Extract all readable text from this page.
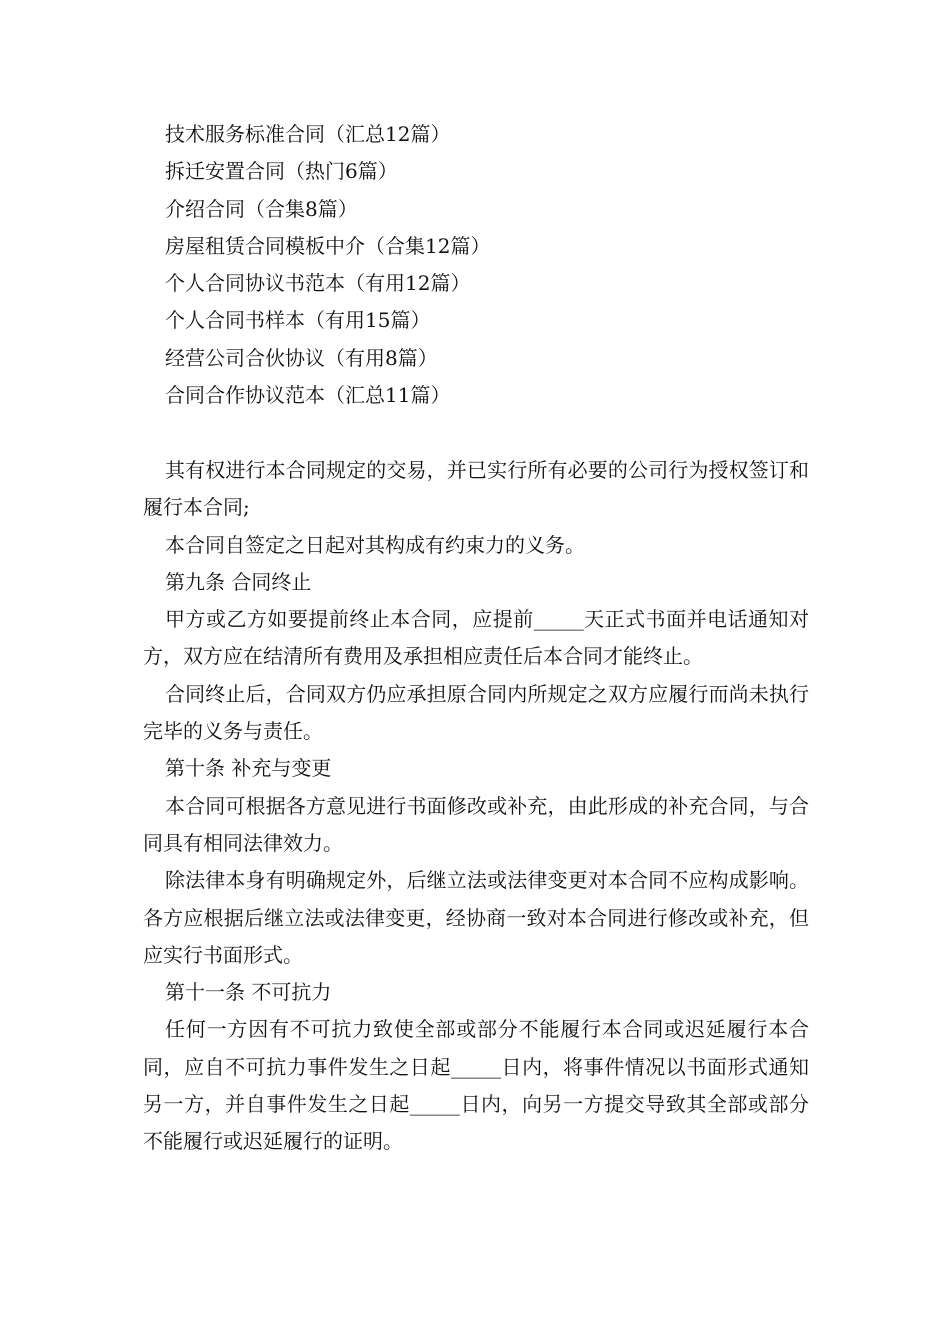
技术服务标准合同（汇总12篇）
拆迁安置合同（热门6篇）
介绍合同（合集8篇）
房屋租赁合同模板中介（合集12篇）
个人合同协议书范本（有用12篇）
个人合同书样本（有用15篇）
经营公司合伙协议（有用8篇）
合同合作协议范本（汇总11篇）

其有权进行本合同规定的交易，并已实行所有必要的公司行为授权签订和履行本合同;

本合同自签定之日起对其构成有约束力的义务。

第九条 合同终止

甲方或乙方如要提前终止本合同，应提前_____天正式书面并电话通知对方，双方应在结清所有费用及承担相应责任后本合同才能终止。

合同终止后，合同双方仍应承担原合同内所规定之双方应履行而尚未执行完毕的义务与责任。

第十条 补充与变更

本合同可根据各方意见进行书面修改或补充，由此形成的补充合同，与合同具有相同法律效力。

除法律本身有明确规定外，后继立法或法律变更对本合同不应构成影响。各方应根据后继立法或法律变更，经协商一致对本合同进行修改或补充，但应实行书面形式。

第十一条 不可抗力

任何一方因有不可抗力致使全部或部分不能履行本合同或迟延履行本合同，应自不可抗力事件发生之日起_____日内，将事件情况以书面形式通知另一方，并自事件发生之日起_____日内，向另一方提交导致其全部或部分不能履行或迟延履行的证明。
